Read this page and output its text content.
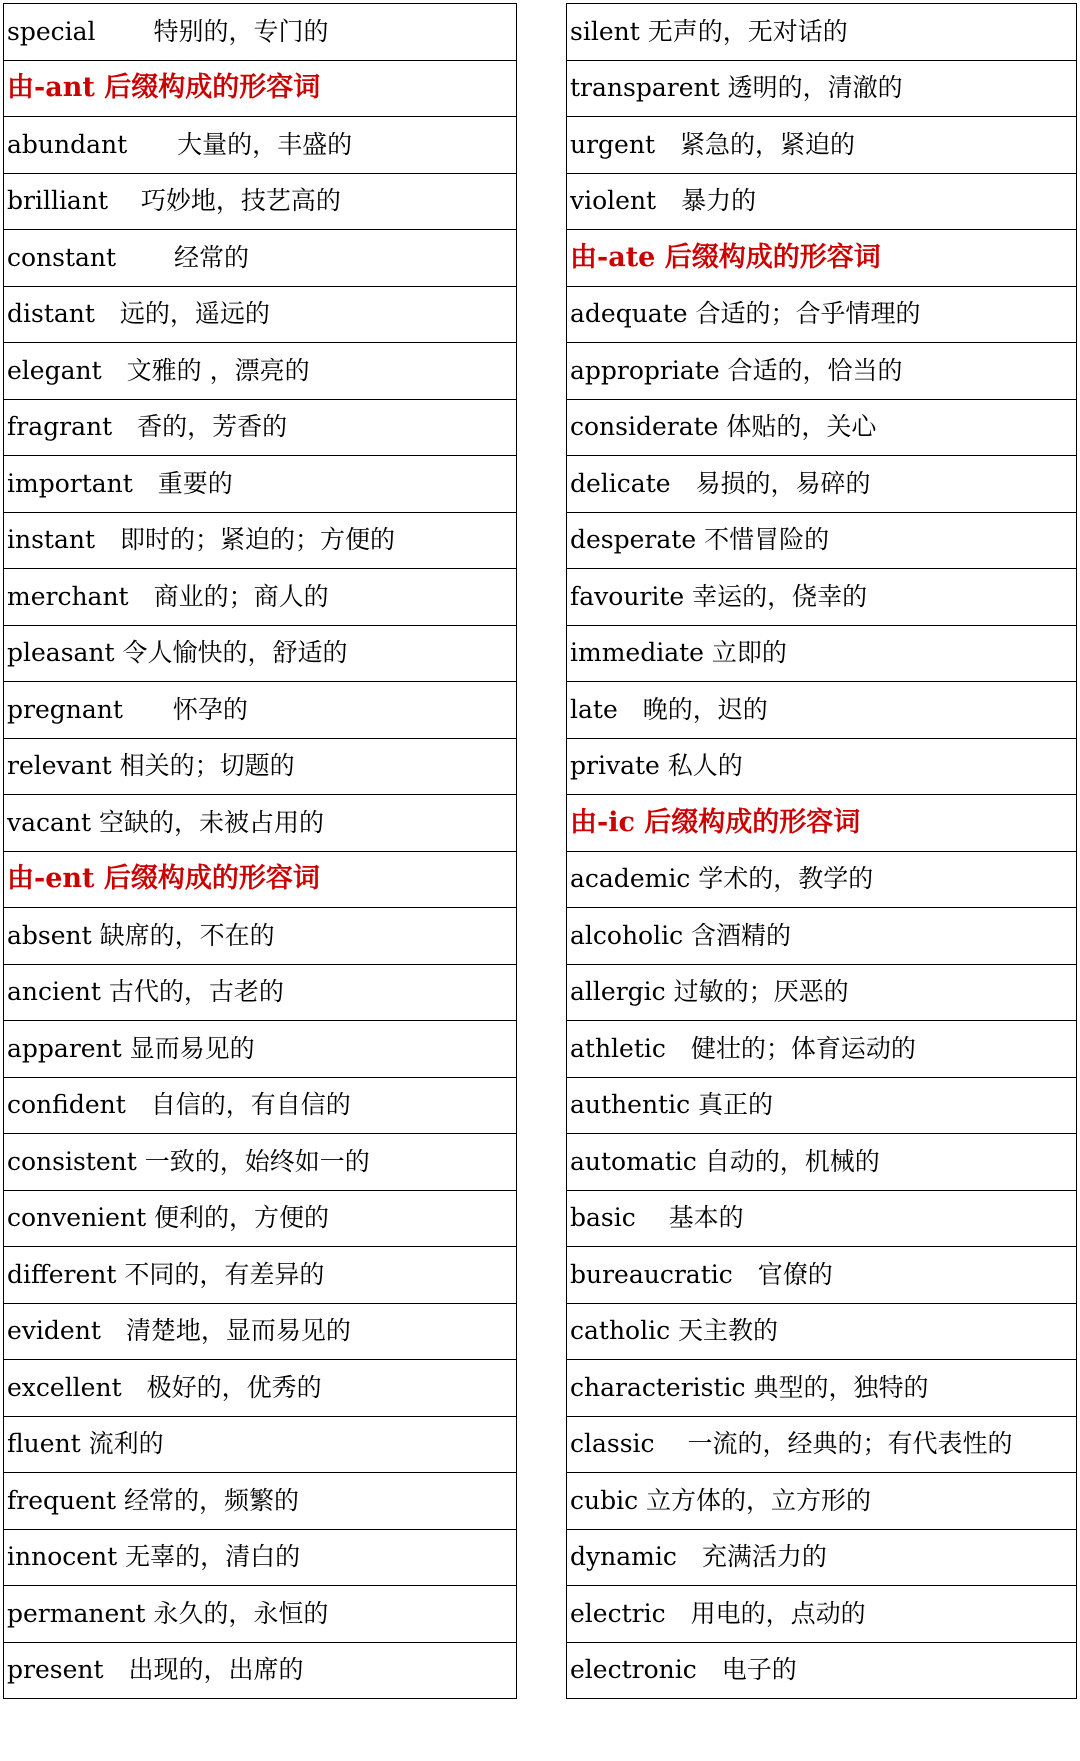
special　　 特别的，专门的
由-ant 后缀构成的形容词
abundant　　大量的，丰盛的
brilliant　 巧妙地，技艺高的
constant　　 经常的
distant　远的，遥远的
elegant　文雅的 ，漂亮的
fragrant　香的，芳香的
important　重要的
instant　即时的；紧迫的；方便的
merchant　商业的；商人的
pleasant 令人愉快的，舒适的
pregnant　　怀孕的
relevant 相关的；切题的
vacant 空缺的，未被占用的
由-ent 后缀构成的形容词
absent 缺席的，不在的
ancient 古代的，古老的
apparent 显而易见的
confident　自信的，有自信的
consistent 一致的，始终如一的
convenient 便利的，方便的
different 不同的，有差异的
evident　清楚地，显而易见的
excellent　极好的，优秀的
fluent 流利的
frequent 经常的，频繁的
innocent 无辜的，清白的
permanent 永久的，永恒的
present　出现的，出席的
silent 无声的，无对话的
transparent 透明的，清澈的
urgent　紧急的，紧迫的
violent　暴力的
由-ate 后缀构成的形容词
adequate 合适的；合乎情理的
appropriate 合适的，恰当的
considerate 体贴的，关心
delicate　易损的，易碎的
desperate 不惜冒险的
favourite 幸运的，侥幸的
immediate 立即的
late　晚的，迟的
private 私人的
由-ic 后缀构成的形容词
academic 学术的，教学的
alcoholic 含酒精的
allergic 过敏的；厌恶的
athletic　健壮的；体育运动的
authentic 真正的
automatic 自动的，机械的
basic　 基本的
bureaucratic　官僚的
catholic 天主教的
characteristic 典型的，独特的
classic　 一流的，经典的；有代表性的
cubic 立方体的，立方形的
dynamic　充满活力的
electric　用电的，点动的
electronic　电子的
